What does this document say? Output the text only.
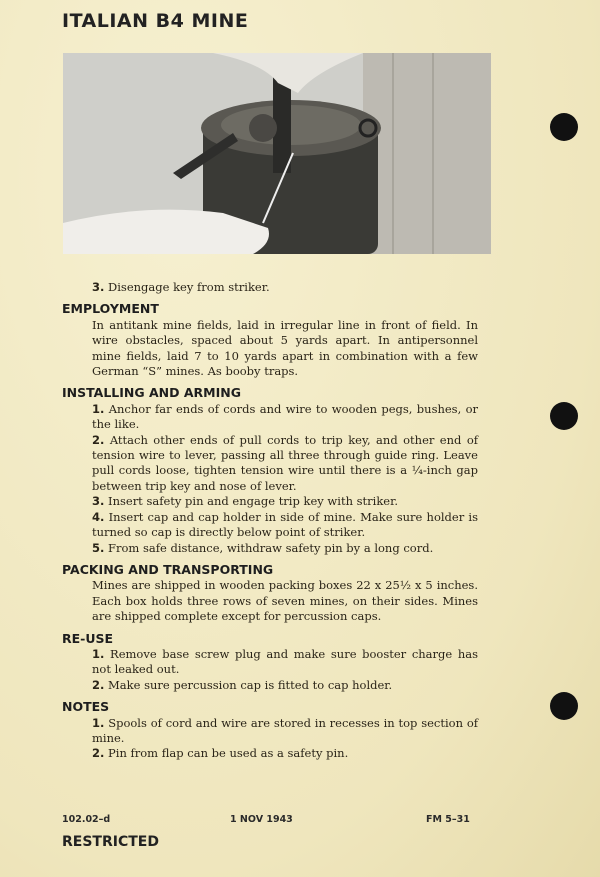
ITALIAN B4 MINE

3. Disengage key from striker.

EMPLOYMENT

In antitank mine fields, laid in irregular line in front of field. In wire obstacles, spaced about 5 yards apart. In antipersonnel mine fields, laid 7 to 10 yards apart in combination with a few German “S” mines. As booby traps.

INSTALLING AND ARMING

1. Anchor far ends of cords and wire to wooden pegs, bushes, or the like.

2. Attach other ends of pull cords to trip key, and other end of tension wire to lever, passing all three through guide ring. Leave pull cords loose, tighten tension wire until there is a ¼-inch gap between trip key and nose of lever.

3. Insert safety pin and engage trip key with striker.

4. Insert cap and cap holder in side of mine. Make sure holder is turned so cap is directly below point of striker.

5. From safe distance, withdraw safety pin by a long cord.

PACKING AND TRANSPORTING

Mines are shipped in wooden packing boxes 22 x 25½ x 5 inches. Each box holds three rows of seven mines, on their sides. Mines are shipped complete except for percussion caps.

RE-USE

1. Remove base screw plug and make sure booster charge has not leaked out.

2. Make sure percussion cap is fitted to cap holder.

NOTES

1. Spools of cord and wire are stored in recesses in top section of mine.

2. Pin from flap can be used as a safety pin.

102.02–d	1 NOV 1943	FM 5–31
RESTRICTED
